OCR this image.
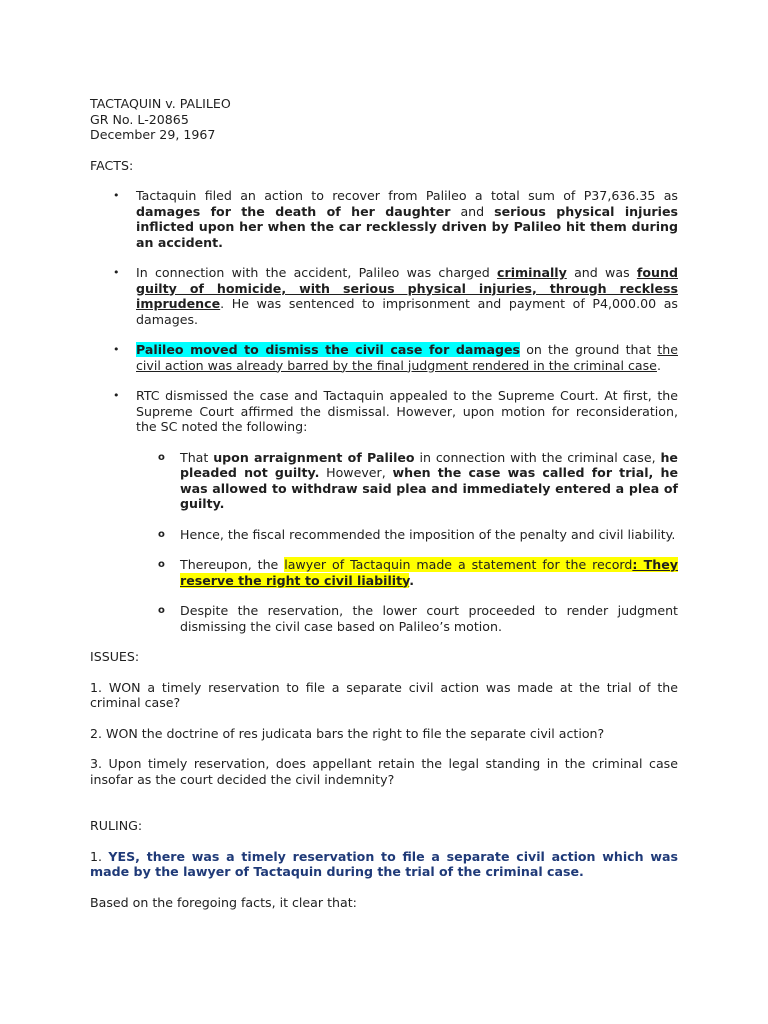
TACTAQUIN v. PALILEO
GR No. L-20865
December 29, 1967
FACTS:
• Tactaquin filed an action to recover from Palileo a total sum of P37,636.35 as damages for the death of her daughter and serious physical injuries inflicted upon her when the car recklessly driven by Palileo hit them during an accident.
• In connection with the accident, Palileo was charged criminally and was found guilty of homicide, with serious physical injuries, through reckless imprudence. He was sentenced to imprisonment and payment of P4,000.00 as damages.
• Palileo moved to dismiss the civil case for damages on the ground that the civil action was already barred by the final judgment rendered in the criminal case.
• RTC dismissed the case and Tactaquin appealed to the Supreme Court. At first, the Supreme Court affirmed the dismissal. However, upon motion for reconsideration, the SC noted the following:
o That upon arraignment of Palileo in connection with the criminal case, he pleaded not guilty. However, when the case was called for trial, he was allowed to withdraw said plea and immediately entered a plea of guilty.
o Hence, the fiscal recommended the imposition of the penalty and civil liability.
o Thereupon, the lawyer of Tactaquin made a statement for the record: They reserve the right to civil liability.
o Despite the reservation, the lower court proceeded to render judgment dismissing the civil case based on Palileo’s motion.
ISSUES:
1. WON a timely reservation to file a separate civil action was made at the trial of the criminal case?
2. WON the doctrine of res judicata bars the right to file the separate civil action?
3. Upon timely reservation, does appellant retain the legal standing in the criminal case insofar as the court decided the civil indemnity?
RULING:
1. YES, there was a timely reservation to file a separate civil action which was made by the lawyer of Tactaquin during the trial of the criminal case.
Based on the foregoing facts, it clear that:
